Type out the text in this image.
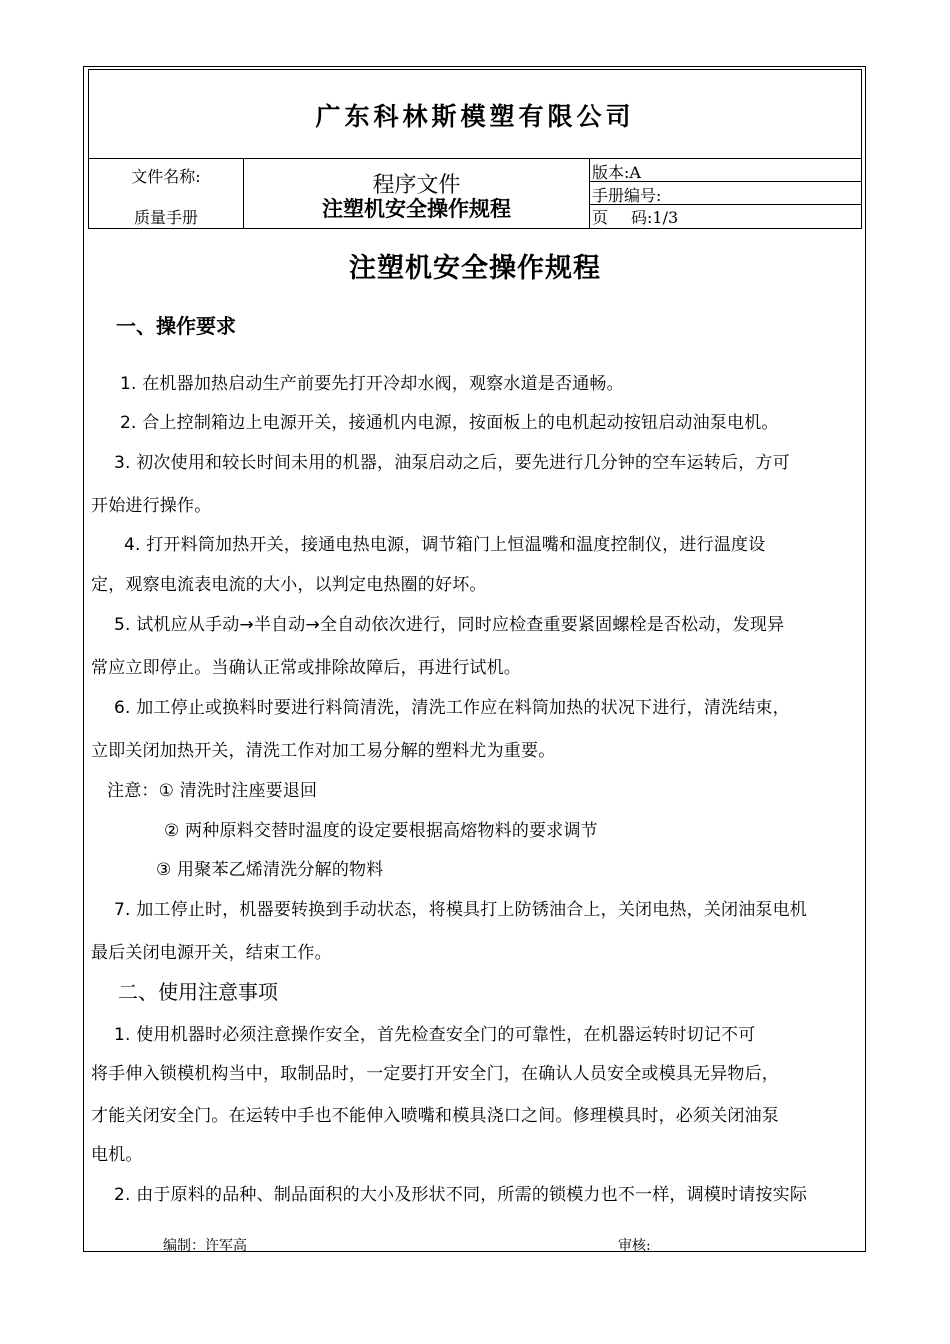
广东科林斯模塑有限公司
文件名称:
质量手册
程序文件
注塑机安全操作规程
版本:A
手册编号:
页 码:1/3
注塑机安全操作规程
一、操作要求
1. 在机器加热启动生产前要先打开冷却水阀，观察水道是否通畅。
2. 合上控制箱边上电源开关，接通机内电源，按面板上的电机起动按钮启动油泵电机。
3. 初次使用和较长时间未用的机器，油泵启动之后，要先进行几分钟的空车运转后，方可
开始进行操作。
4. 打开料筒加热开关，接通电热电源，调节箱门上恒温嘴和温度控制仪，进行温度设
定，观察电流表电流的大小，以判定电热圈的好坏。
5. 试机应从手动→半自动→全自动依次进行，同时应检查重要紧固螺栓是否松动，发现异
常应立即停止。当确认正常或排除故障后，再进行试机。
6. 加工停止或换料时要进行料筒清洗，清洗工作应在料筒加热的状况下进行，清洗结束，
立即关闭加热开关，清洗工作对加工易分解的塑料尤为重要。
注意：① 清洗时注座要退回
② 两种原料交替时温度的设定要根据高熔物料的要求调节
③ 用聚苯乙烯清洗分解的物料
7. 加工停止时，机器要转换到手动状态，将模具打上防锈油合上，关闭电热，关闭油泵电机
最后关闭电源开关，结束工作。
二、使用注意事项
1. 使用机器时必须注意操作安全，首先检查安全门的可靠性，在机器运转时切记不可
将手伸入锁模机构当中，取制品时，一定要打开安全门，在确认人员安全或模具无异物后，
才能关闭安全门。在运转中手也不能伸入喷嘴和模具浇口之间。修理模具时，必须关闭油泵
电机。
2. 由于原料的品种、制品面积的大小及形状不同，所需的锁模力也不一样，调模时请按实际
编制：许军高	审核:
